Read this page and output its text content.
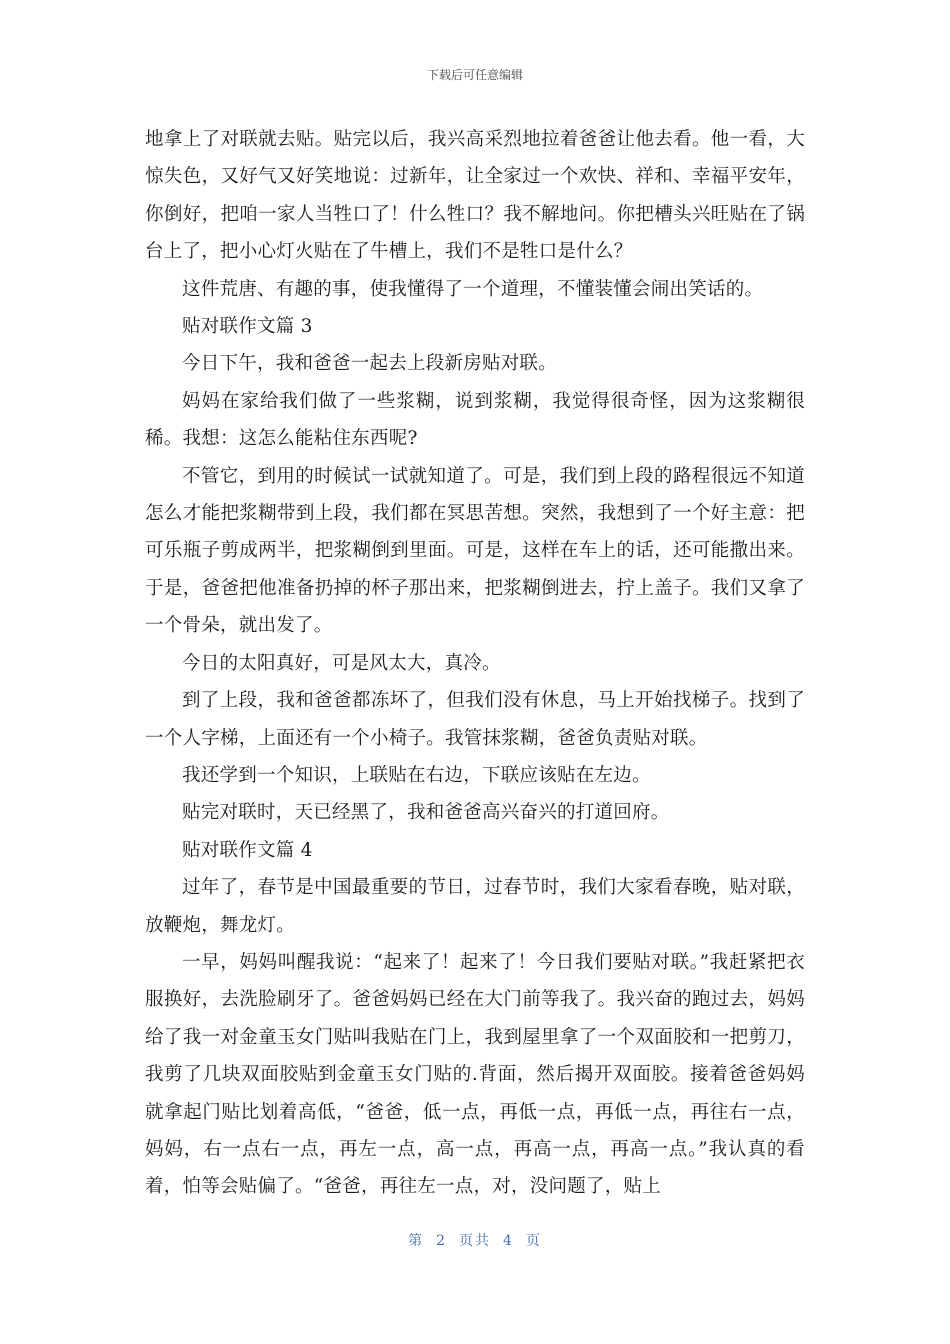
下载后可任意编辑

地拿上了对联就去贴。贴完以后，我兴高采烈地拉着爸爸让他去看。他一看，大惊失色，又好气又好笑地说：过新年，让全家过一个欢快、祥和、幸福平安年，你倒好，把咱一家人当牲口了！什么牲口？我不解地问。你把槽头兴旺贴在了锅台上了，把小心灯火贴在了牛槽上，我们不是牲口是什么？

这件荒唐、有趣的事，使我懂得了一个道理，不懂装懂会闹出笑话的。

贴对联作文篇 3

今日下午，我和爸爸一起去上段新房贴对联。

妈妈在家给我们做了一些浆糊，说到浆糊，我觉得很奇怪，因为这浆糊很稀。我想：这怎么能粘住东西呢?

不管它，到用的时候试一试就知道了。可是，我们到上段的路程很远不知道怎么才能把浆糊带到上段，我们都在冥思苦想。突然，我想到了一个好主意：把可乐瓶子剪成两半，把浆糊倒到里面。可是，这样在车上的话，还可能撒出来。于是，爸爸把他准备扔掉的杯子那出来，把浆糊倒进去，拧上盖子。我们又拿了一个骨朵，就出发了。

今日的太阳真好，可是风太大，真冷。

到了上段，我和爸爸都冻坏了，但我们没有休息，马上开始找梯子。找到了一个人字梯，上面还有一个小椅子。我管抹浆糊，爸爸负责贴对联。

我还学到一个知识，上联贴在右边，下联应该贴在左边。

贴完对联时，天已经黑了，我和爸爸高兴奋兴的打道回府。

贴对联作文篇 4

过年了，春节是中国最重要的节日，过春节时，我们大家看春晚，贴对联，放鞭炮，舞龙灯。

一早，妈妈叫醒我说：“起来了！起来了！今日我们要贴对联。”我赶紧把衣服换好，去洗脸刷牙了。爸爸妈妈已经在大门前等我了。我兴奋的跑过去，妈妈给了我一对金童玉女门贴叫我贴在门上，我到屋里拿了一个双面胶和一把剪刀，我剪了几块双面胶贴到金童玉女门贴的.背面，然后揭开双面胶。接着爸爸妈妈就拿起门贴比划着高低，“爸爸，低一点，再低一点，再低一点，再往右一点，妈妈，右一点右一点，再左一点，高一点，再高一点，再高一点。”我认真的看着，怕等会贴偏了。“爸爸，再往左一点，对，没问题了，贴上

第 2 页共 4 页
